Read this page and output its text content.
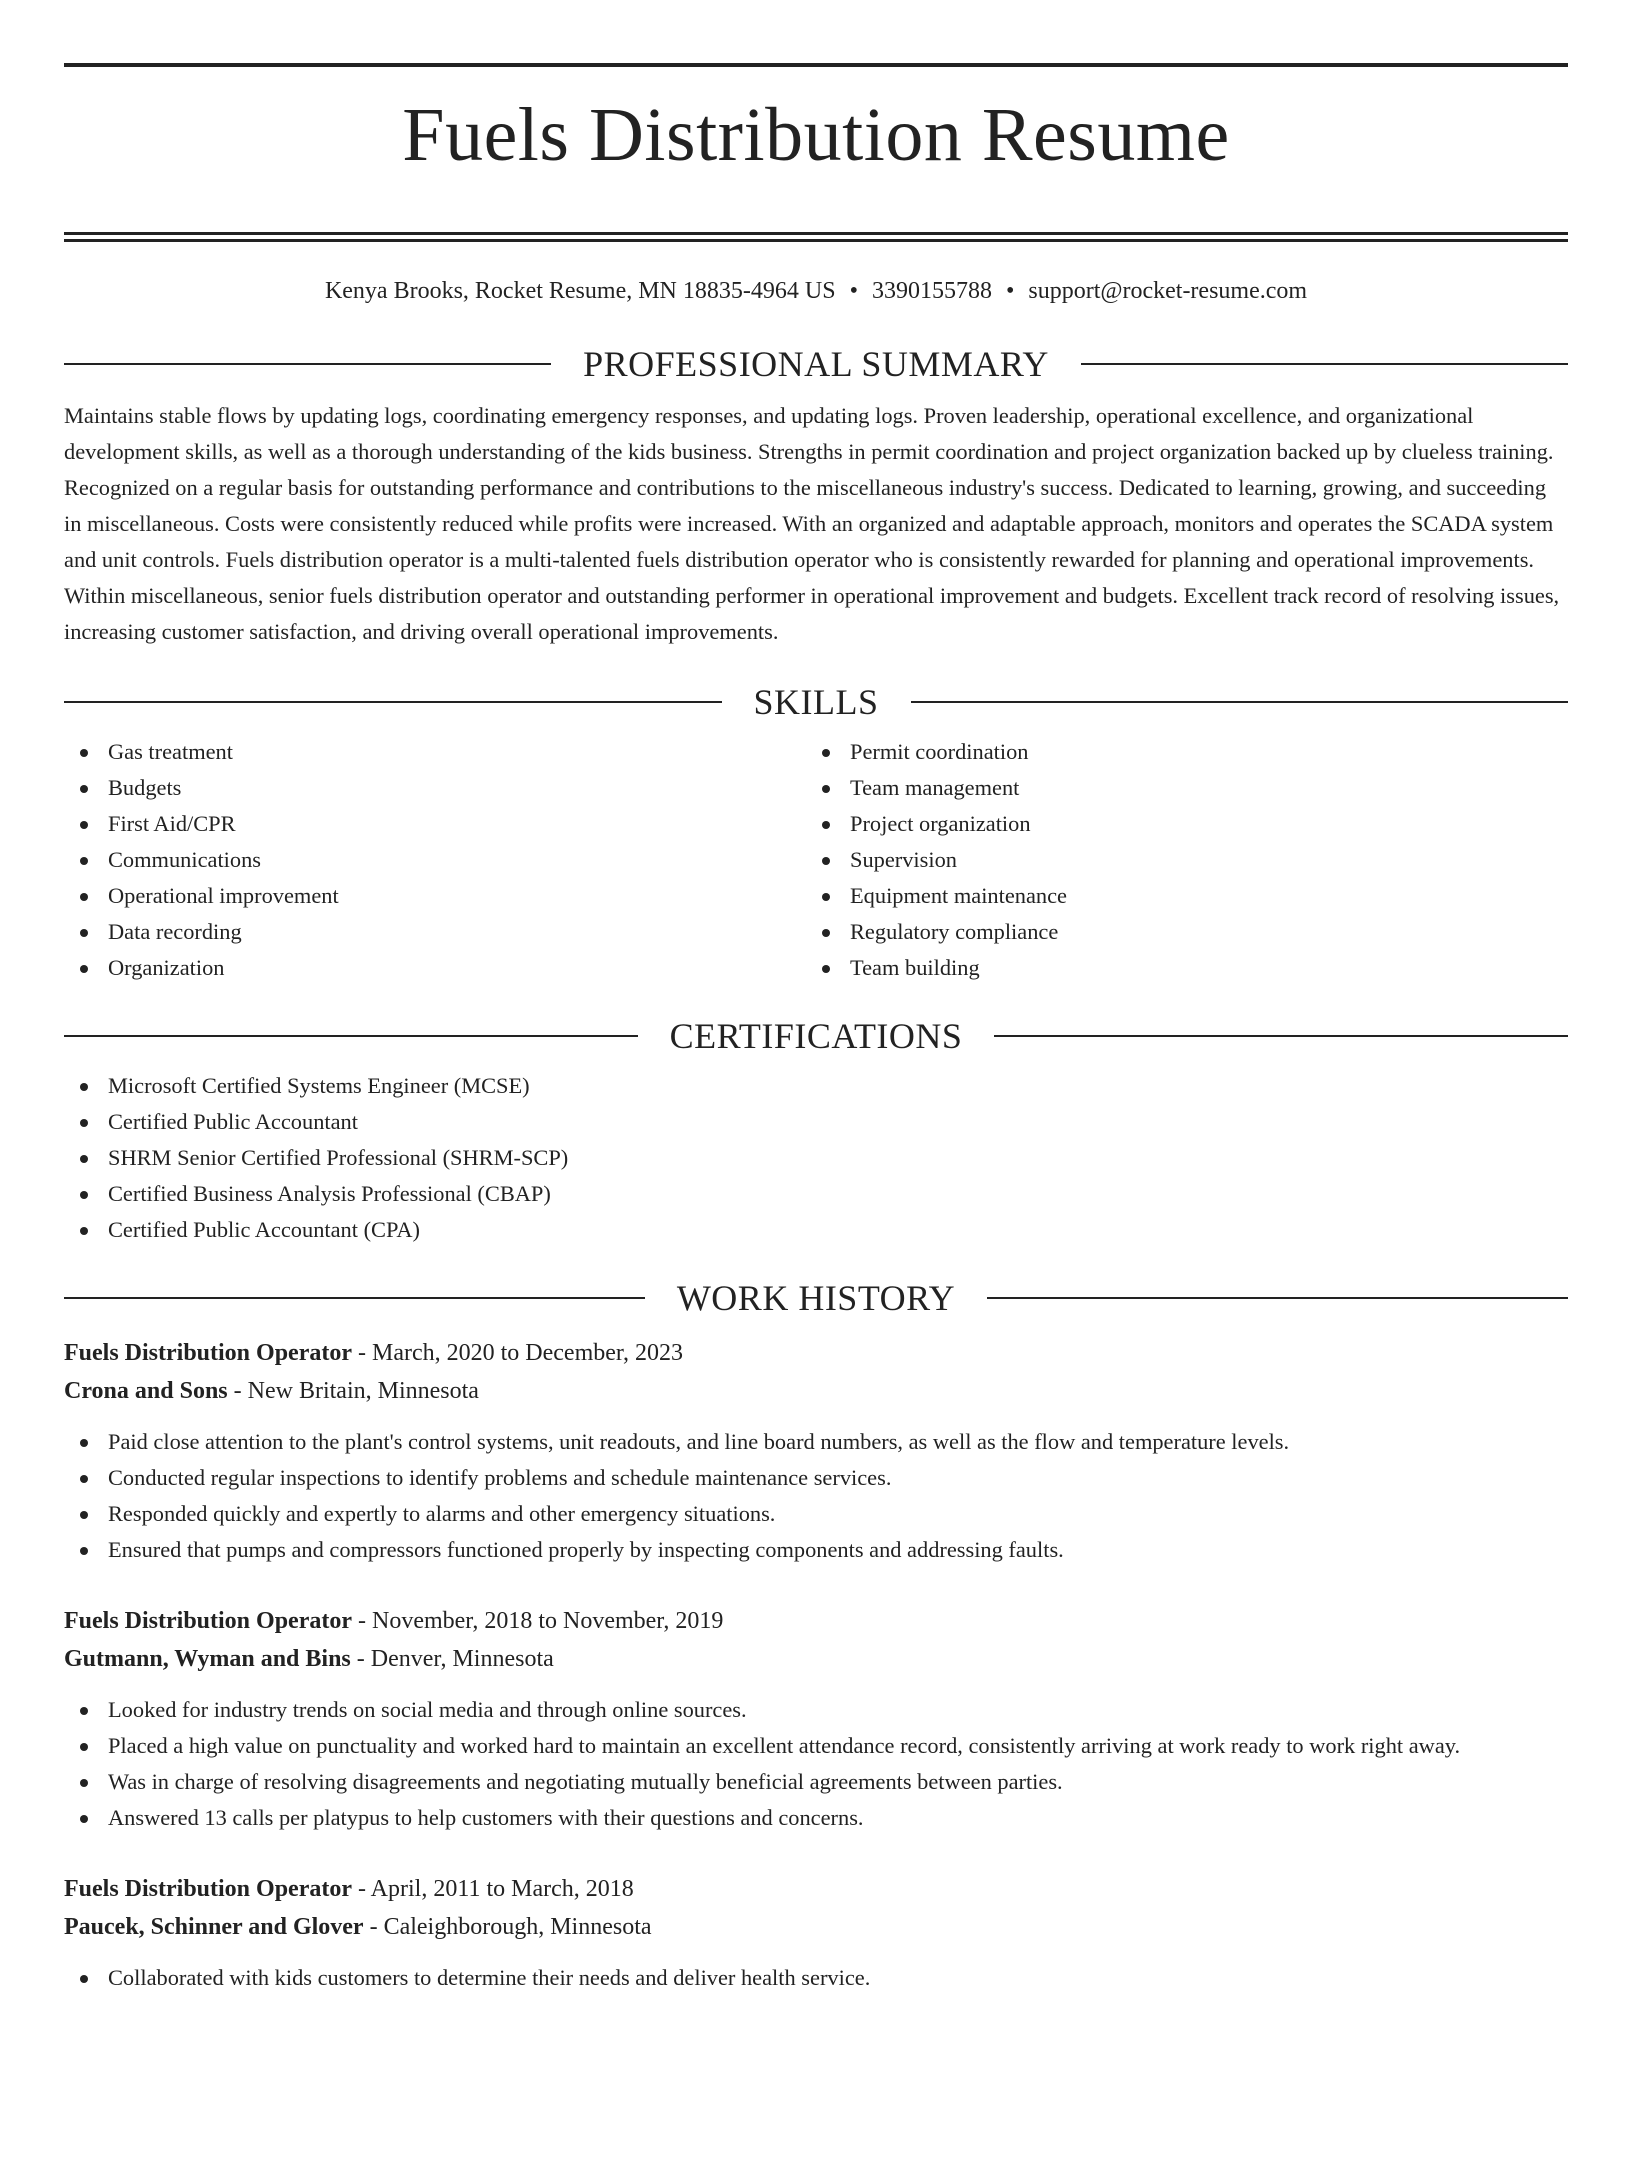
Fuels Distribution Resume
Kenya Brooks, Rocket Resume, MN 18835-4964 US • 3390155788 • support@rocket-resume.com
PROFESSIONAL SUMMARY

Maintains stable flows by updating logs, coordinating emergency responses, and updating logs. Proven leadership, operational excellence, and organizational development skills, as well as a thorough understanding of the kids business. Strengths in permit coordination and project organization backed up by clueless training. Recognized on a regular basis for outstanding performance and contributions to the miscellaneous industry's success. Dedicated to learning, growing, and succeeding in miscellaneous. Costs were consistently reduced while profits were increased. With an organized and adaptable approach, monitors and operates the SCADA system and unit controls. Fuels distribution operator is a multi-talented fuels distribution operator who is consistently rewarded for planning and operational improvements. Within miscellaneous, senior fuels distribution operator and outstanding performer in operational improvement and budgets. Excellent track record of resolving issues, increasing customer satisfaction, and driving overall operational improvements.

SKILLS
Gas treatment
Budgets
First Aid/CPR
Communications
Operational improvement
Data recording
Organization
Permit coordination
Team management
Project organization
Supervision
Equipment maintenance
Regulatory compliance
Team building
CERTIFICATIONS
Microsoft Certified Systems Engineer (MCSE)
Certified Public Accountant
SHRM Senior Certified Professional (SHRM-SCP)
Certified Business Analysis Professional (CBAP)
Certified Public Accountant (CPA)
WORK HISTORY
Fuels Distribution Operator - March, 2020 to December, 2023
Crona and Sons - New Britain, Minnesota
Paid close attention to the plant's control systems, unit readouts, and line board numbers, as well as the flow and temperature levels.
Conducted regular inspections to identify problems and schedule maintenance services.
Responded quickly and expertly to alarms and other emergency situations.
Ensured that pumps and compressors functioned properly by inspecting components and addressing faults.
Fuels Distribution Operator - November, 2018 to November, 2019
Gutmann, Wyman and Bins - Denver, Minnesota
Looked for industry trends on social media and through online sources.
Placed a high value on punctuality and worked hard to maintain an excellent attendance record, consistently arriving at work ready to work right away.
Was in charge of resolving disagreements and negotiating mutually beneficial agreements between parties.
Answered 13 calls per platypus to help customers with their questions and concerns.
Fuels Distribution Operator - April, 2011 to March, 2018
Paucek, Schinner and Glover - Caleighborough, Minnesota
Collaborated with kids customers to determine their needs and deliver health service.
